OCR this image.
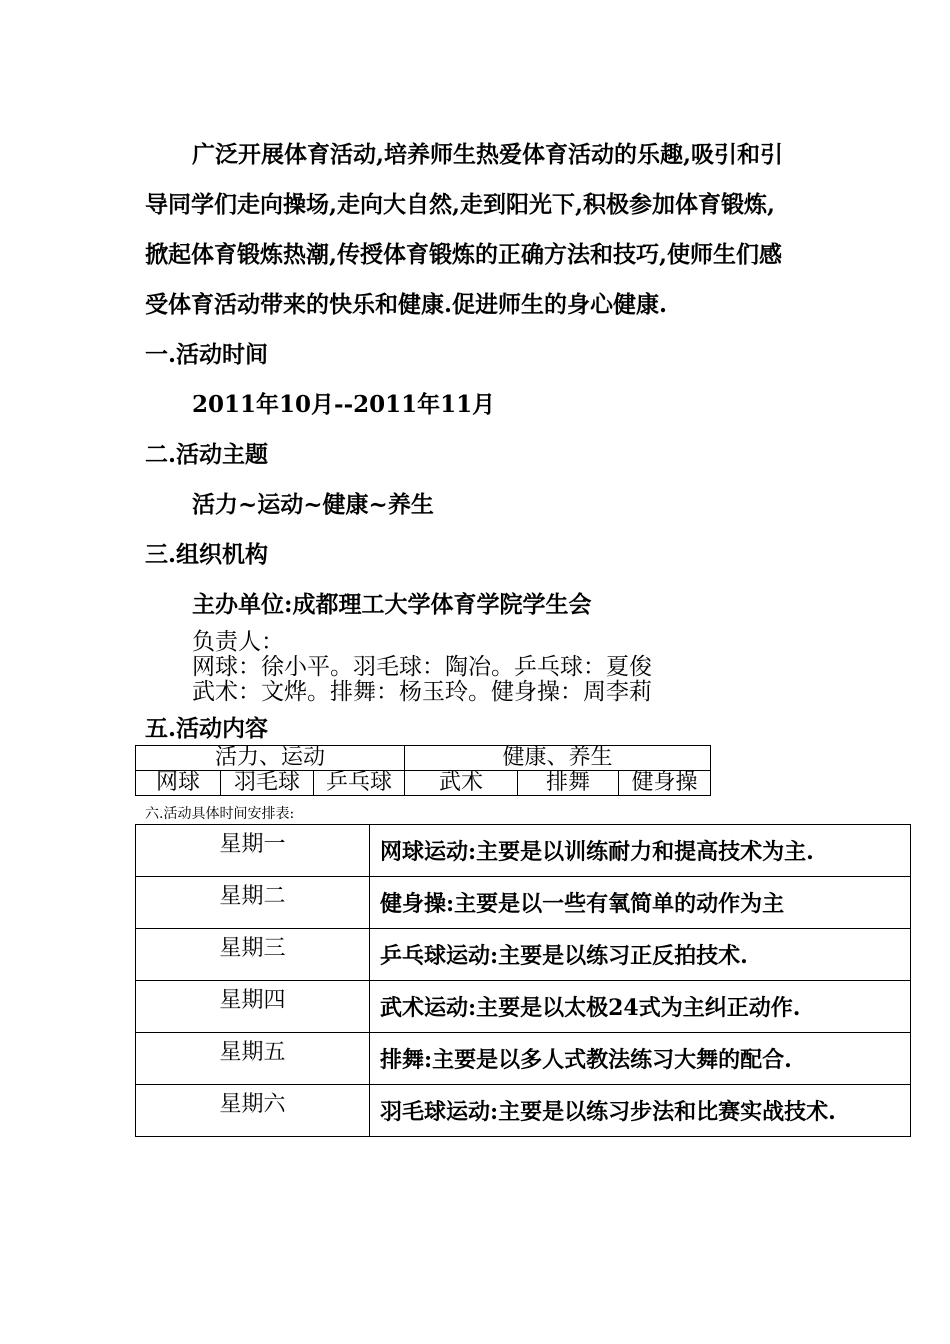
广泛开展体育活动,培养师生热爱体育活动的乐趣,吸引和引
导同学们走向操场,走向大自然,走到阳光下,积极参加体育锻炼,
掀起体育锻炼热潮,传授体育锻炼的正确方法和技巧,使师生们感
受体育活动带来的快乐和健康.促进师生的身心健康.
一.活动时间
2011年10月--2011年11月
二.活动主题
活力~运动~健康~养生
三.组织机构
主办单位:成都理工大学体育学院学生会
负责人：
网球：徐小平。羽毛球：陶冶。乒乓球：夏俊
武术：文烨。排舞：杨玉玲。健身操：周李莉
五.活动内容
活力、运动			健康、养生		
网球	羽毛球	乒乓球	武术	排舞	健身操
六.活动具体时间安排表:
星期一	网球运动:主要是以训练耐力和提高技术为主.
星期二	健身操:主要是以一些有氧简单的动作为主
星期三	乒乓球运动:主要是以练习正反拍技术.
星期四	武术运动:主要是以太极24式为主纠正动作.
星期五	排舞:主要是以多人式教法练习大舞的配合.
星期六	羽毛球运动:主要是以练习步法和比赛实战技术.
